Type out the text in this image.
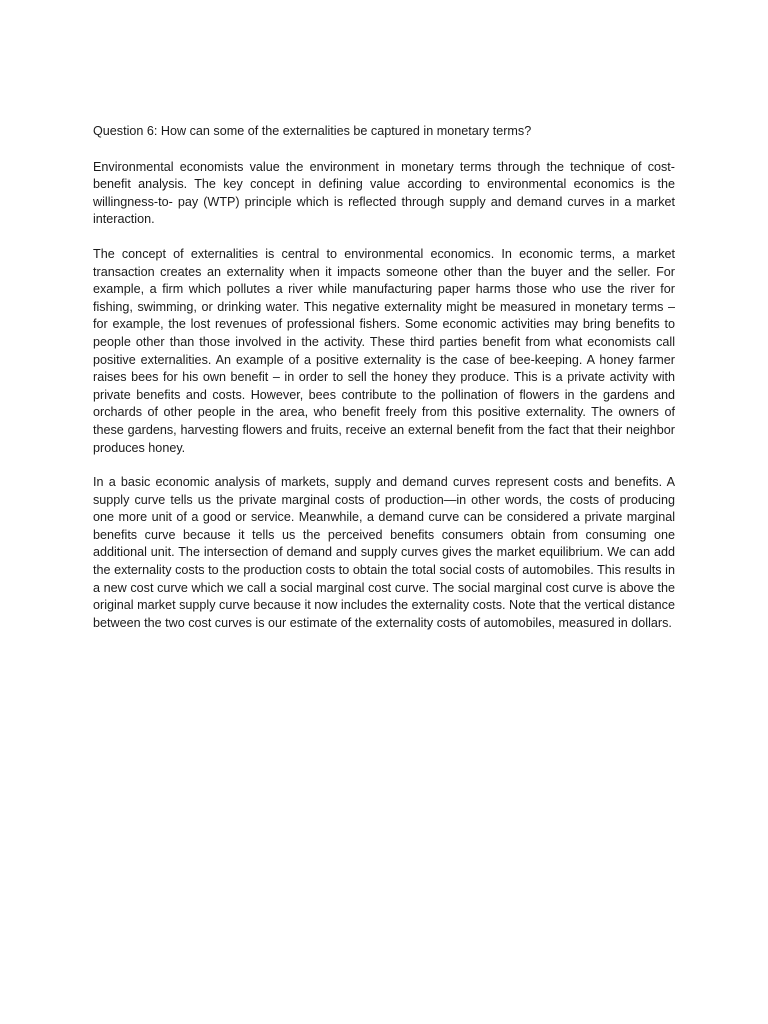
Question 6: How can some of the externalities be captured in monetary terms?

Environmental economists value the environment in monetary terms through the technique of cost-benefit analysis. The key concept in defining value according to environmental economics is the willingness-to- pay (WTP) principle which is reflected through supply and demand curves in a market interaction.

The concept of externalities is central to environmental economics. In economic terms, a market transaction creates an externality when it impacts someone other than the buyer and the seller. For example, a firm which pollutes a river while manufacturing paper harms those who use the river for fishing, swimming, or drinking water. This negative externality might be measured in monetary terms – for example, the lost revenues of professional fishers. Some economic activities may bring benefits to people other than those involved in the activity. These third parties benefit from what economists call positive externalities. An example of a positive externality is the case of bee-keeping. A honey farmer raises bees for his own benefit – in order to sell the honey they produce. This is a private activity with private benefits and costs. However, bees contribute to the pollination of flowers in the gardens and orchards of other people in the area, who benefit freely from this positive externality. The owners of these gardens, harvesting flowers and fruits, receive an external benefit from the fact that their neighbor produces honey.

In a basic economic analysis of markets, supply and demand curves represent costs and benefits. A supply curve tells us the private marginal costs of production—in other words, the costs of producing one more unit of a good or service. Meanwhile, a demand curve can be considered a private marginal benefits curve because it tells us the perceived benefits consumers obtain from consuming one additional unit. The intersection of demand and supply curves gives the market equilibrium. We can add the externality costs to the production costs to obtain the total social costs of automobiles. This results in a new cost curve which we call a social marginal cost curve. The social marginal cost curve is above the original market supply curve because it now includes the externality costs. Note that the vertical distance between the two cost curves is our estimate of the externality costs of automobiles, measured in dollars.
